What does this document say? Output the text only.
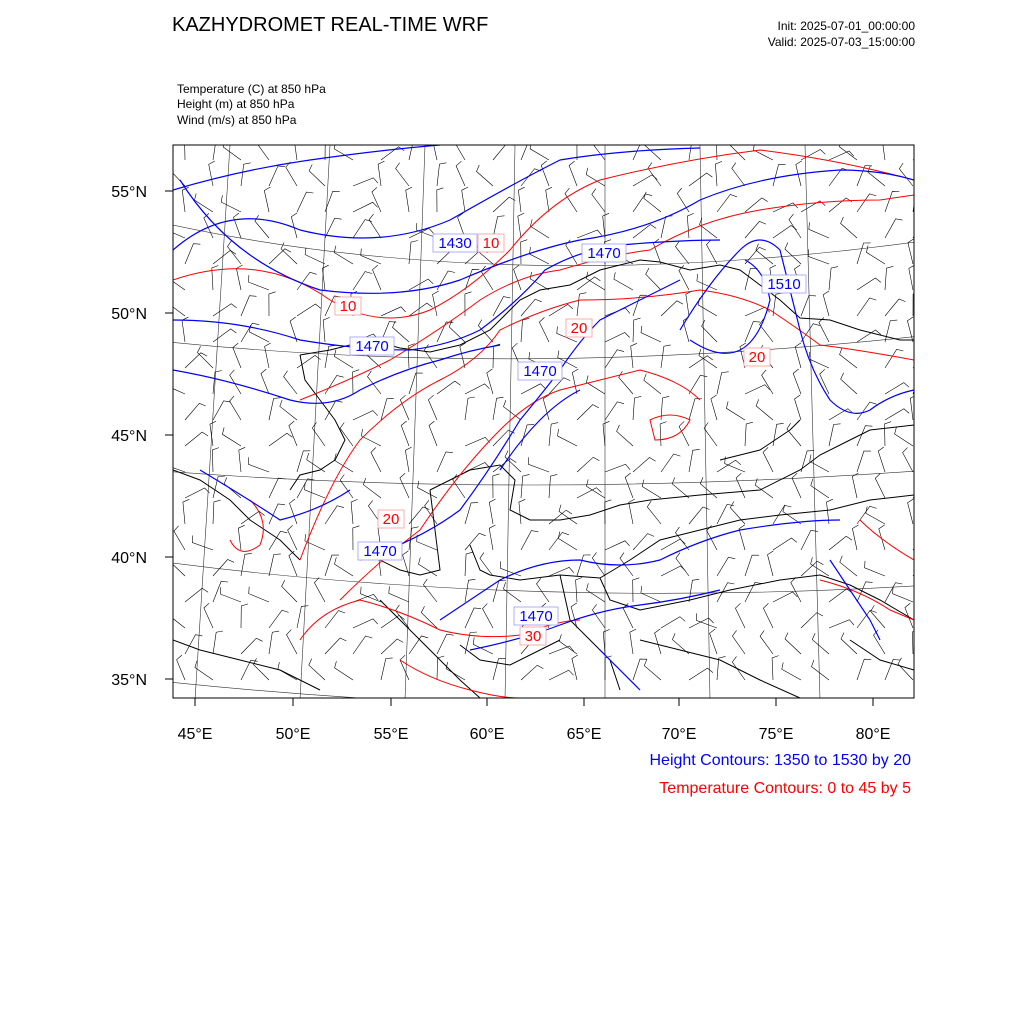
KAZHYDROMET REAL-TIME WRF	Init: 2025-07-01_00:00:00
Valid: 2025-07-03_15:00:00
Temperature (C) at 850 hPa
Height (m) at 850 hPa
Wind (m/s) at 850 hPa
55°N
50°N
45°N
40°N
35°N
45°E	50°E	55°E	60°E	65°E	70°E	75°E	80°E
1430
1470
1510
1470
1470
1470
1470
10
10
20
20
20
30
Height Contours: 1350 to 1530 by 20
Temperature Contours: 0 to 45 by 5
